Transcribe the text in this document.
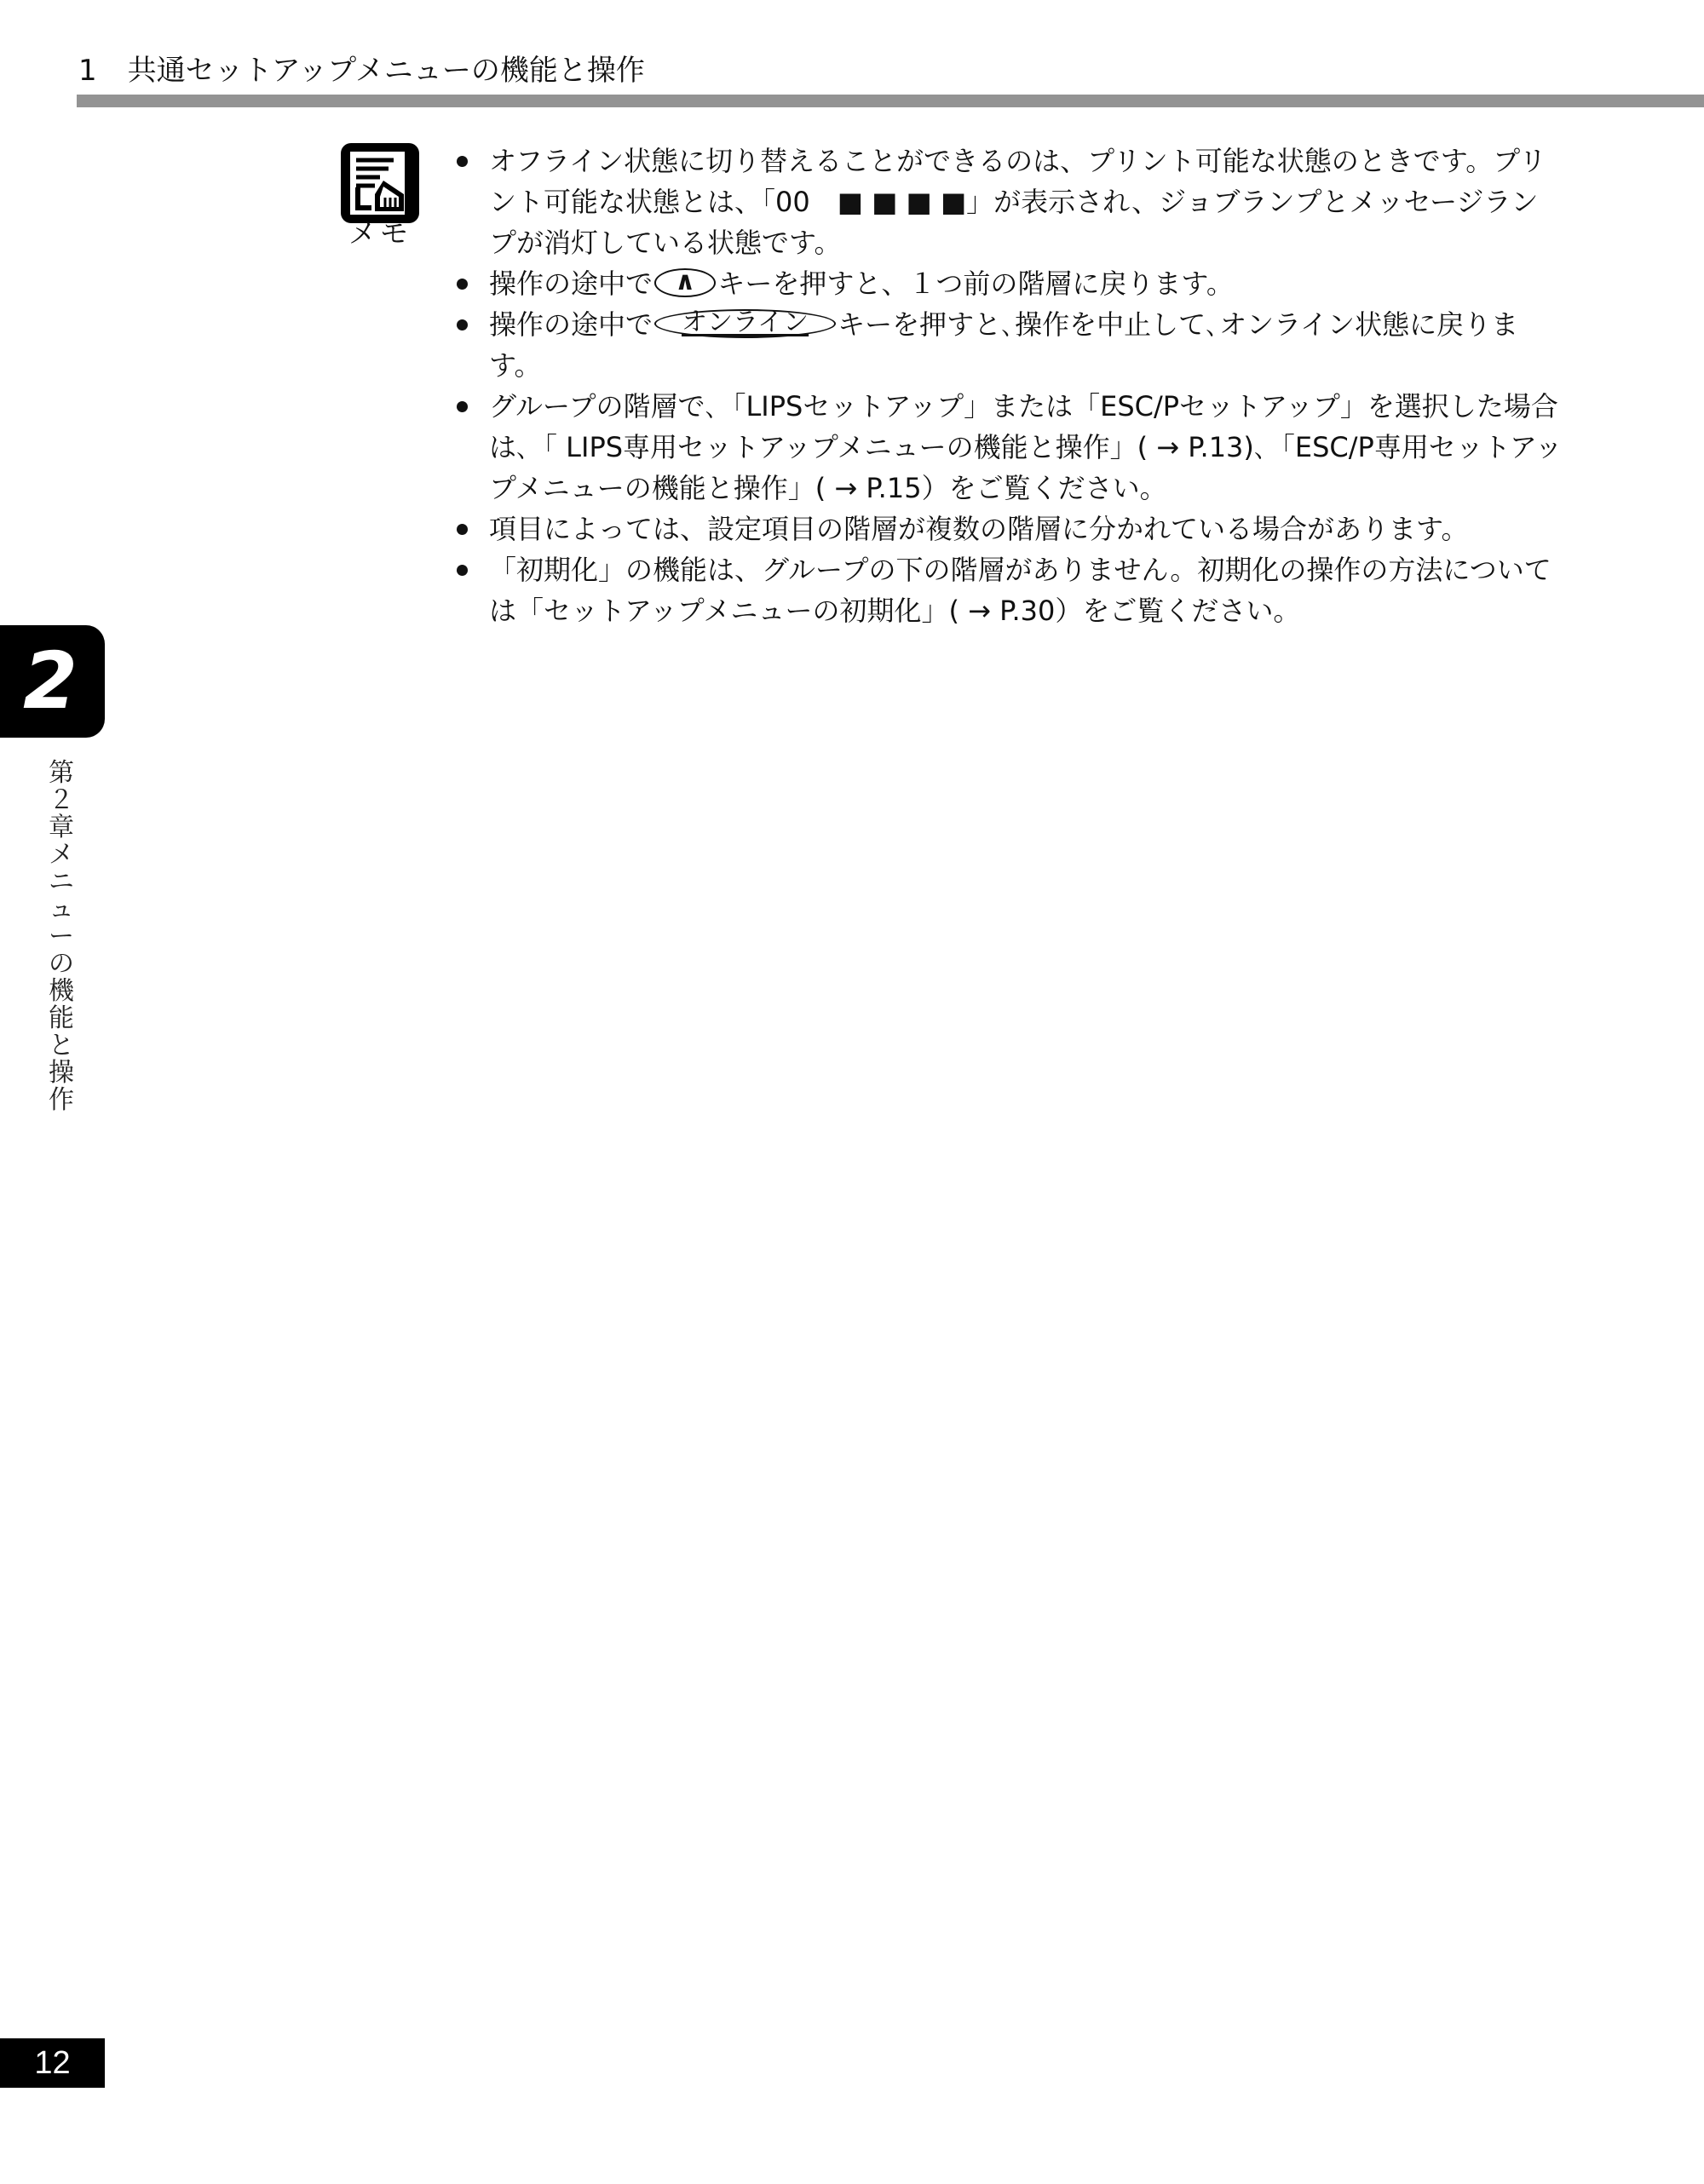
1 共通セットアップメニューの機能と操作
メモ
オフライン状態に切り替えることができるのは、プリント可能な状態のときです。プリント可能な状態とは、「00　■ ■ ■ ■」が表示され、ジョブランプとメッセージランプが消灯している状態です。
操作の途中で ∧ キーを押すと、１つ前の階層に戻ります。
操作の途中で オンライン キーを押すと､操作を中止して､オンライン状態に戻ります。
グループの階層で､「LIPSセットアップ」または「ESC/Pセットアップ」を選択した場合は､「 LIPS専用セットアップメニューの機能と操作」( → P.13)､「ESC/P専用セットアップメニューの機能と操作」( → P.15）をご覧ください。
項目によっては、設定項目の階層が複数の階層に分かれている場合があります。
「初期化」の機能は、グループの下の階層がありません。初期化の操作の方法については「セットアップメニューの初期化」( → P.30）をご覧ください。
2
第２章　メニューの機能と操作
12
